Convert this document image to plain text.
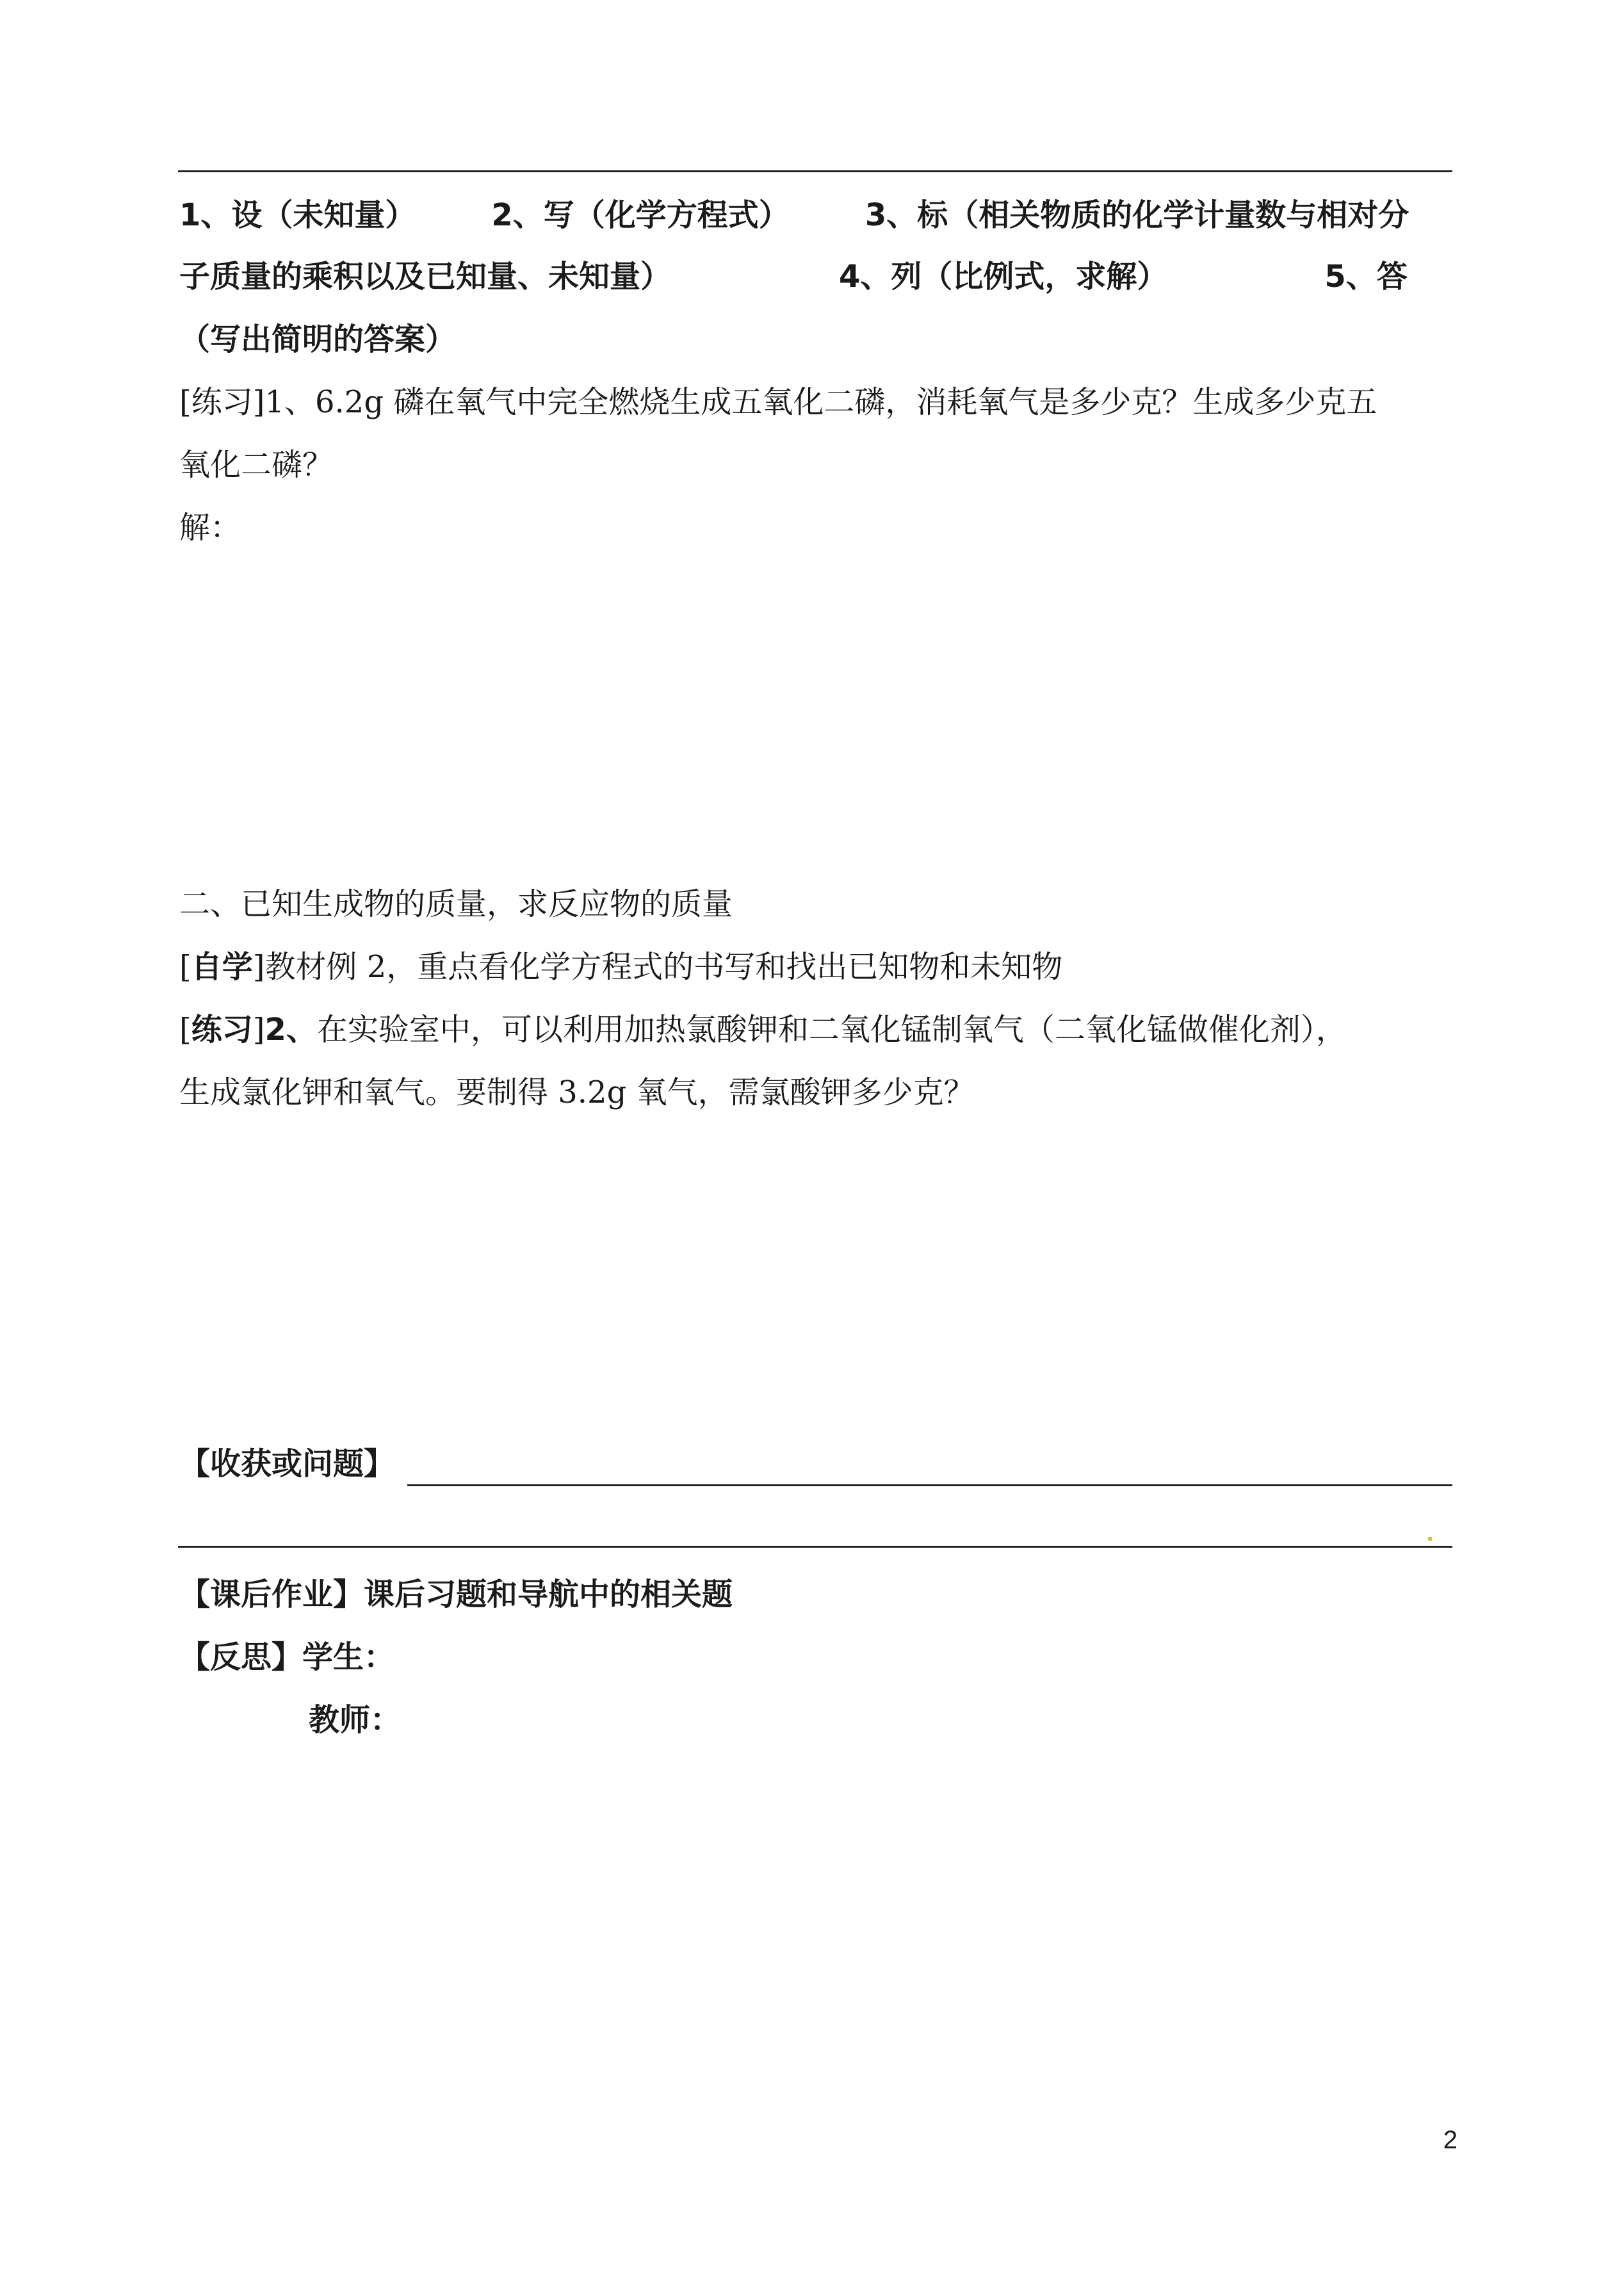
1、设（未知量） 2、写（化学方程式） 3、标（相关物质的化学计量数与相对分
子质量的乘积以及已知量、未知量）	4、列（比例式，求解）	5、答
（写出简明的答案）
[练习]1、6.2g 磷在氧气中完全燃烧生成五氧化二磷，消耗氧气是多少克？生成多少克五
氧化二磷？
解：
二、已知生成物的质量，求反应物的质量
[自学]教材例 2，重点看化学方程式的书写和找出已知物和未知物
[练习]2、在实验室中，可以利用加热氯酸钾和二氧化锰制氧气（二氧化锰做催化剂），
生成氯化钾和氧气。要制得 3.2g 氧气，需氯酸钾多少克？
【收获或问题】
【课后作业】课后习题和导航中的相关题
【反思】学生：
教师：
2
